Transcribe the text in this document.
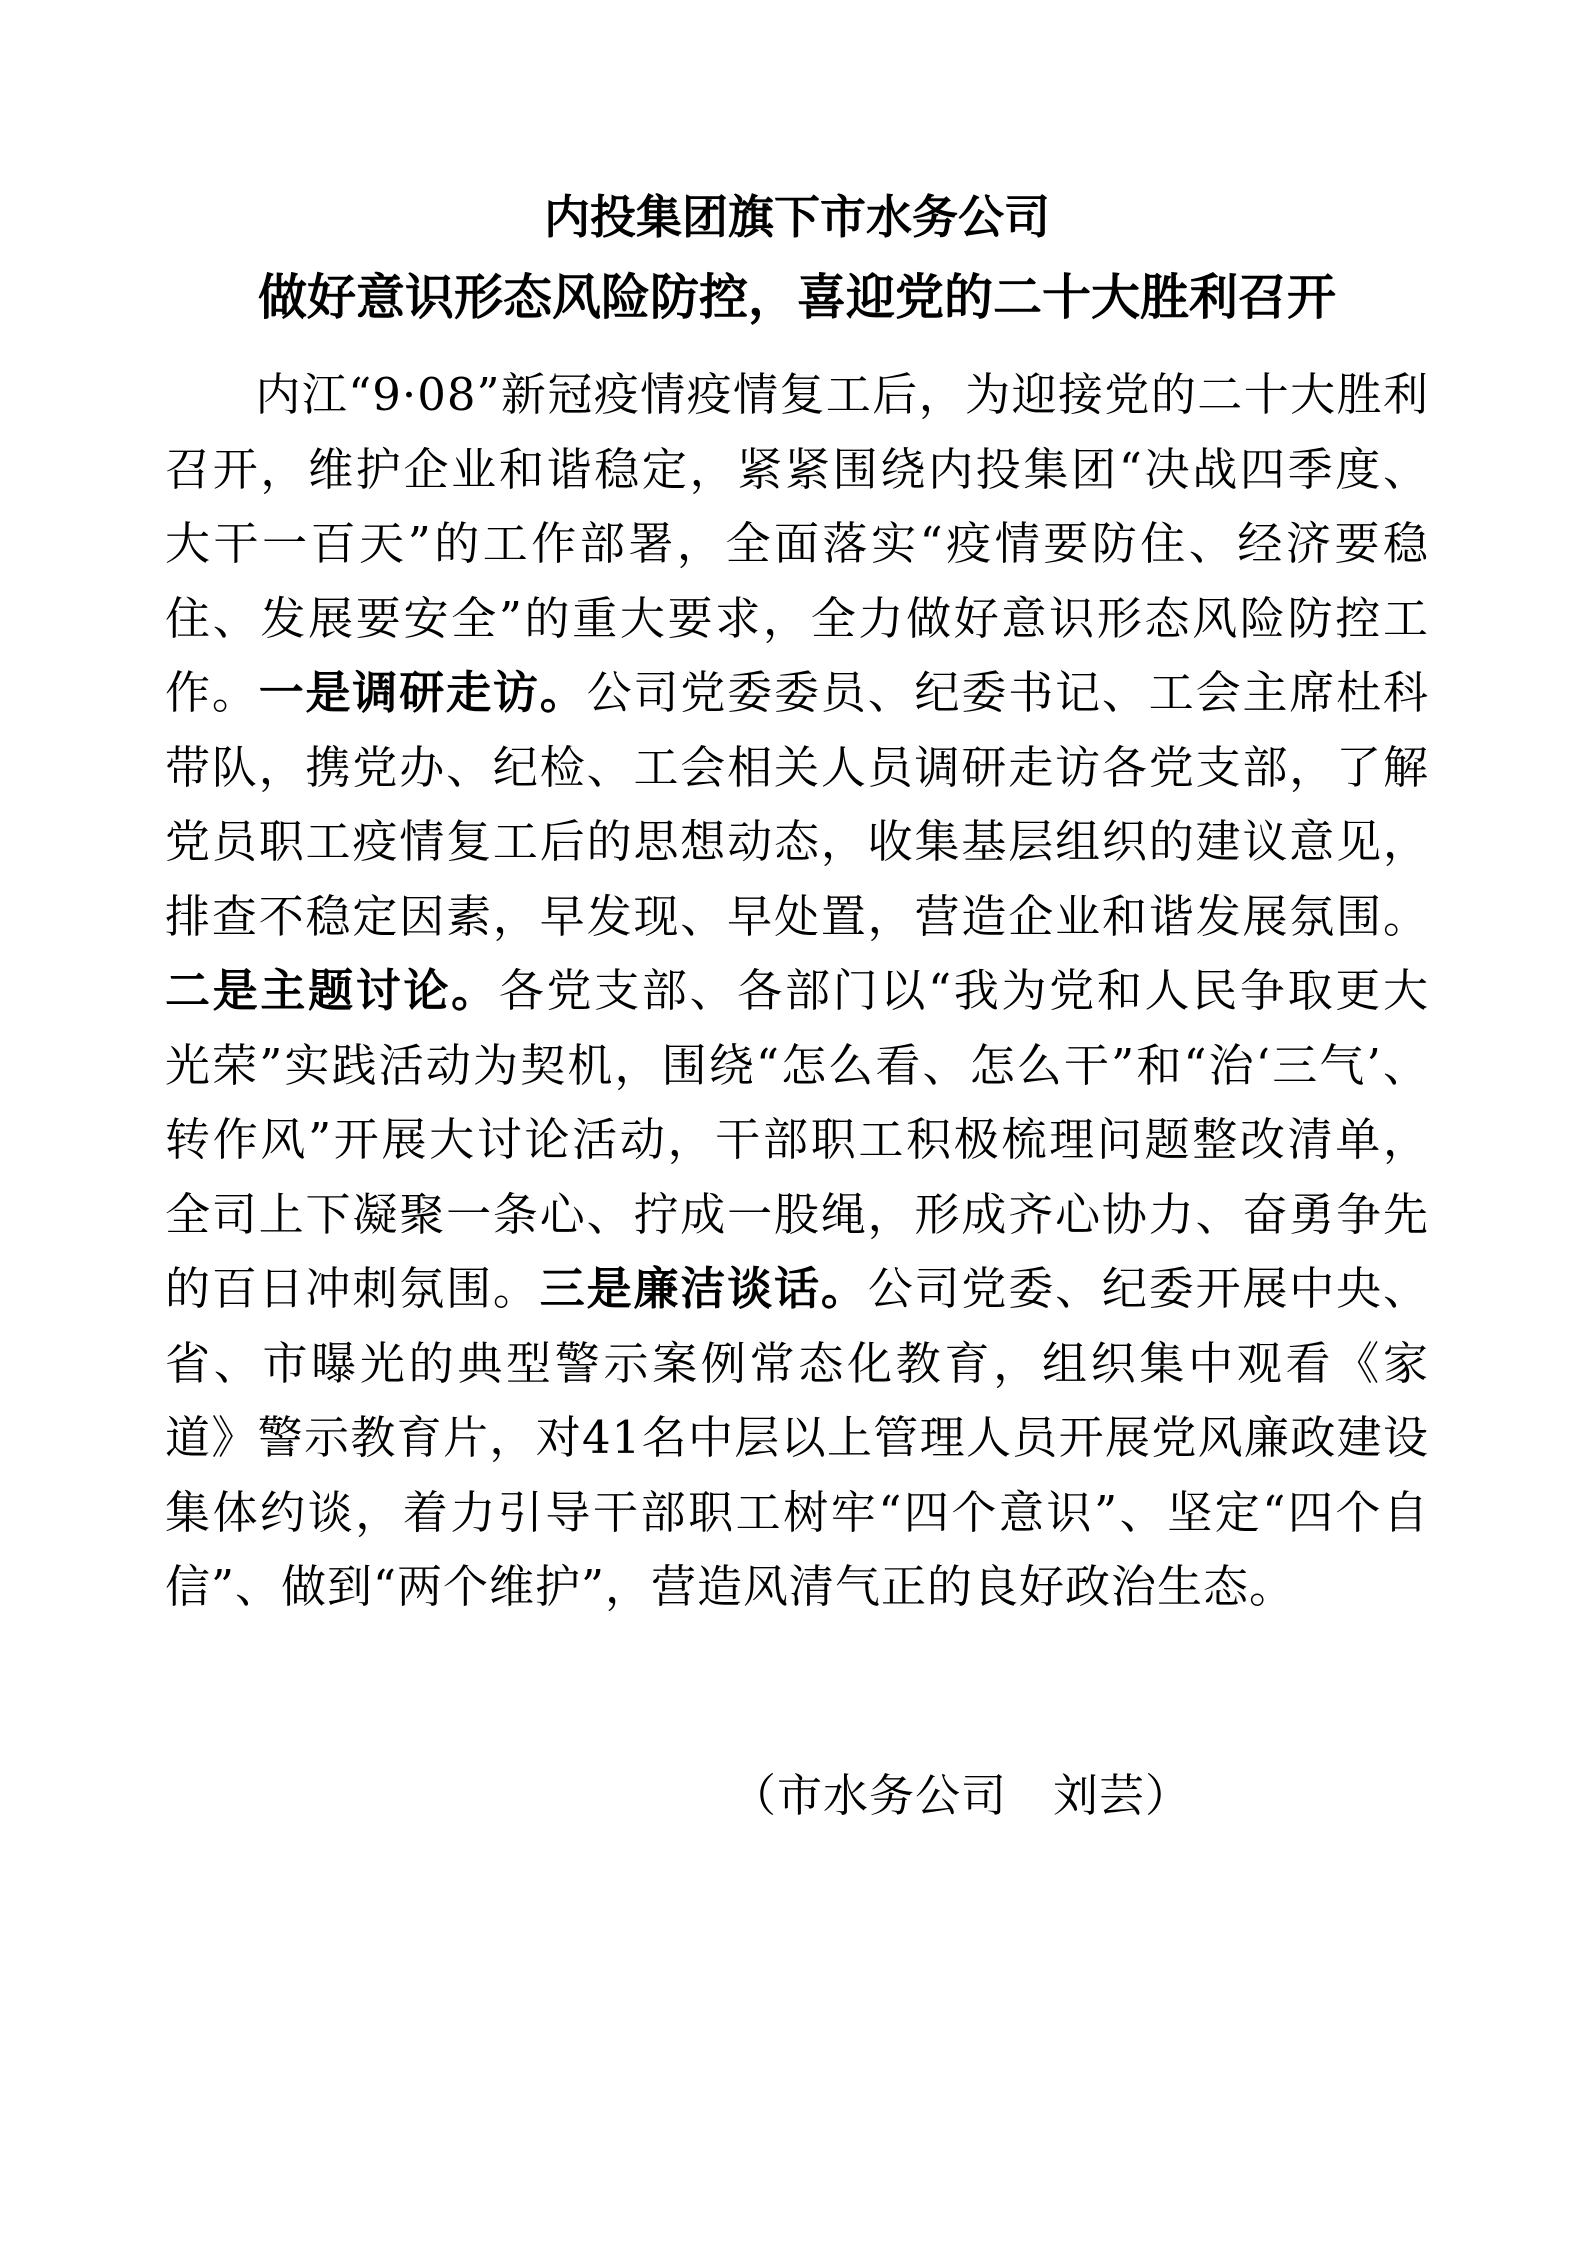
内投集团旗下市水务公司
做好意识形态风险防控，喜迎党的二十大胜利召开

内江“9·08”新冠疫情疫情复工后，为迎接党的二十大胜利召开，维护企业和谐稳定，紧紧围绕内投集团“决战四季度、大干一百天”的工作部署，全面落实“疫情要防住、经济要稳住、发展要安全”的重大要求，全力做好意识形态风险防控工作。一是调研走访。公司党委委员、纪委书记、工会主席杜科带队，携党办、纪检、工会相关人员调研走访各党支部，了解党员职工疫情复工后的思想动态，收集基层组织的建议意见，排查不稳定因素，早发现、早处置，营造企业和谐发展氛围。二是主题讨论。各党支部、各部门以“我为党和人民争取更大光荣”实践活动为契机，围绕“怎么看、怎么干”和“治‘三气’、转作风”开展大讨论活动，干部职工积极梳理问题整改清单，全司上下凝聚一条心、拧成一股绳，形成齐心协力、奋勇争先的百日冲刺氛围。三是廉洁谈话。公司党委、纪委开展中央、省、市曝光的典型警示案例常态化教育，组织集中观看《家道》警示教育片，对41名中层以上管理人员开展党风廉政建设集体约谈，着力引导干部职工树牢“四个意识”、坚定“四个自信”、做到“两个维护”，营造风清气正的良好政治生态。

（市水务公司　刘芸）
